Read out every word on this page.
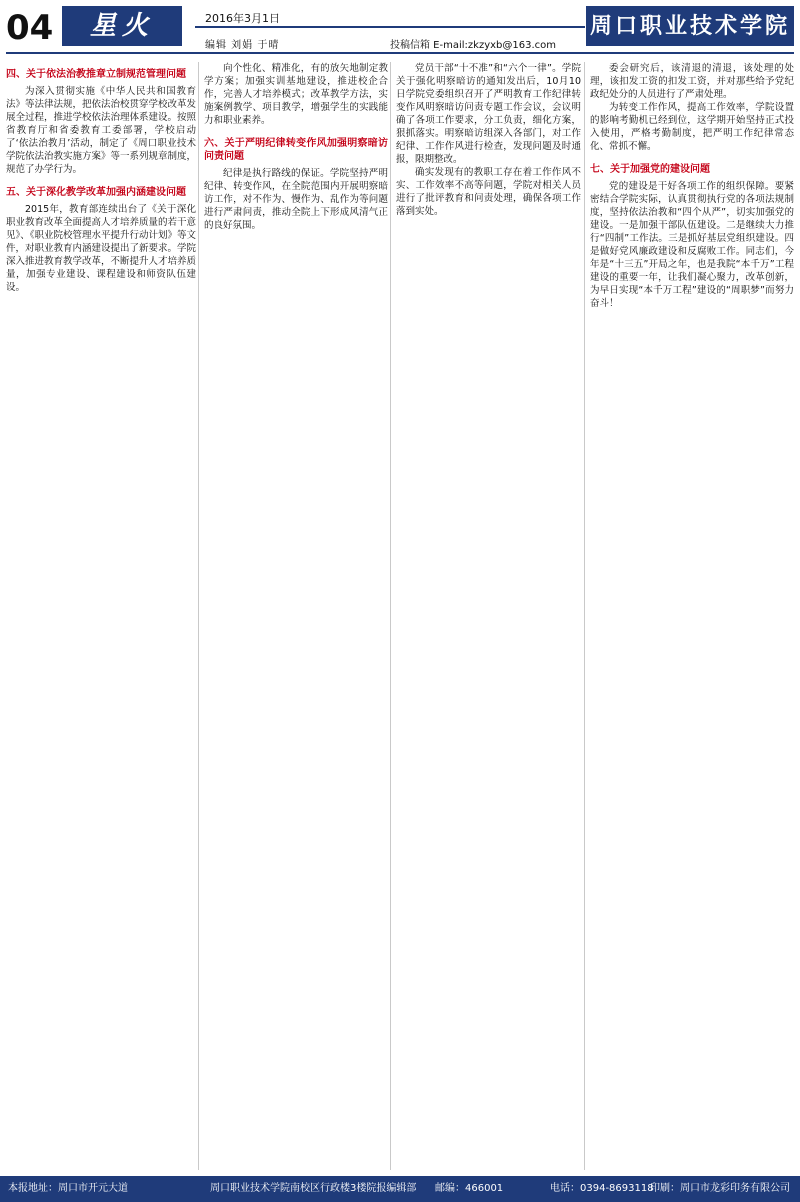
04	星火	2016年3月1日
编辑 刘娟 于晴	投稿信箱 E-mail:zkzyxb@163.com
周口职业技术学院
四、关于依法治教推章立制规范管理问题

为深入贯彻实施《中华人民共和国教育法》等法律法规，把依法治校贯穿学校改革发展全过程，推进学校依法治理体系建设。按照省教育厅和省委教育工委部署，学校启动了‘依法治教月’活动，制定了《周口职业技术学院依法治教实施方案》等一系列规章制度，规范了办学行为。

五、关于深化教学改革加强内涵建设问题

2015年，教育部连续出台了《关于深化职业教育改革全面提高人才培养质量的若干意见》、《职业院校管理水平提升行动计划》等文件，对职业教育内涵建设提出了新要求。学院深入推进教育教学改革，不断提升人才培养质量，加强专业建设、课程建设和师资队伍建设。

向个性化、精准化，有的放矢地制定教学方案；加强实训基地建设，推进校企合作，完善人才培养模式；改革教学方法，实施案例教学、项目教学，增强学生的实践能力和职业素养。

六、关于严明纪律转变作风加强明察暗访问责问题

纪律是执行路线的保证。学院坚持严明纪律、转变作风，在全院范围内开展明察暗访工作，对不作为、慢作为、乱作为等问题进行严肃问责，推动全院上下形成风清气正的良好氛围。

党员干部“十不准”和“六个一律”。学院关于强化明察暗访的通知发出后，10月10日学院党委组织召开了严明教育工作纪律转变作风明察暗访问责专题工作会议，会议明确了各项工作要求，分工负责，细化方案，狠抓落实。明察暗访组深入各部门，对工作纪律、工作作风进行检查，发现问题及时通报，限期整改。

确实发现有的教职工存在着工作作风不实、工作效率不高等问题，学院对相关人员进行了批评教育和问责处理，确保各项工作落到实处。

委会研究后，该清退的清退，该处理的处理，该扣发工资的扣发工资，并对那些给予党纪政纪处分的人员进行了严肃处理。

为转变工作作风，提高工作效率，学院设置的影响考勤机已经到位，这学期开始坚持正式投入使用，严格考勤制度，把严明工作纪律常态化、常抓不懈。

七、关于加强党的建设问题

党的建设是干好各项工作的组织保障。要紧密结合学院实际，认真贯彻执行党的各项法规制度，坚持依法治教和“四个从严”，切实加强党的建设。一是加强干部队伍建设。二是继续大力推行“四制”工作法。三是抓好基层党组织建设。四是做好党风廉政建设和反腐败工作。同志们，今年是“十三五”开局之年，也是我院“本千万”工程建设的重要一年，让我们凝心聚力，改革创新，为早日实现“本千万工程”建设的“周职梦”而努力奋斗！

本报地址：周口市开元大道	周口职业技术学院南校区行政楼3楼院报编辑部 邮编：466001	电话：0394-8693118
印刷：周口市龙彩印务有限公司
